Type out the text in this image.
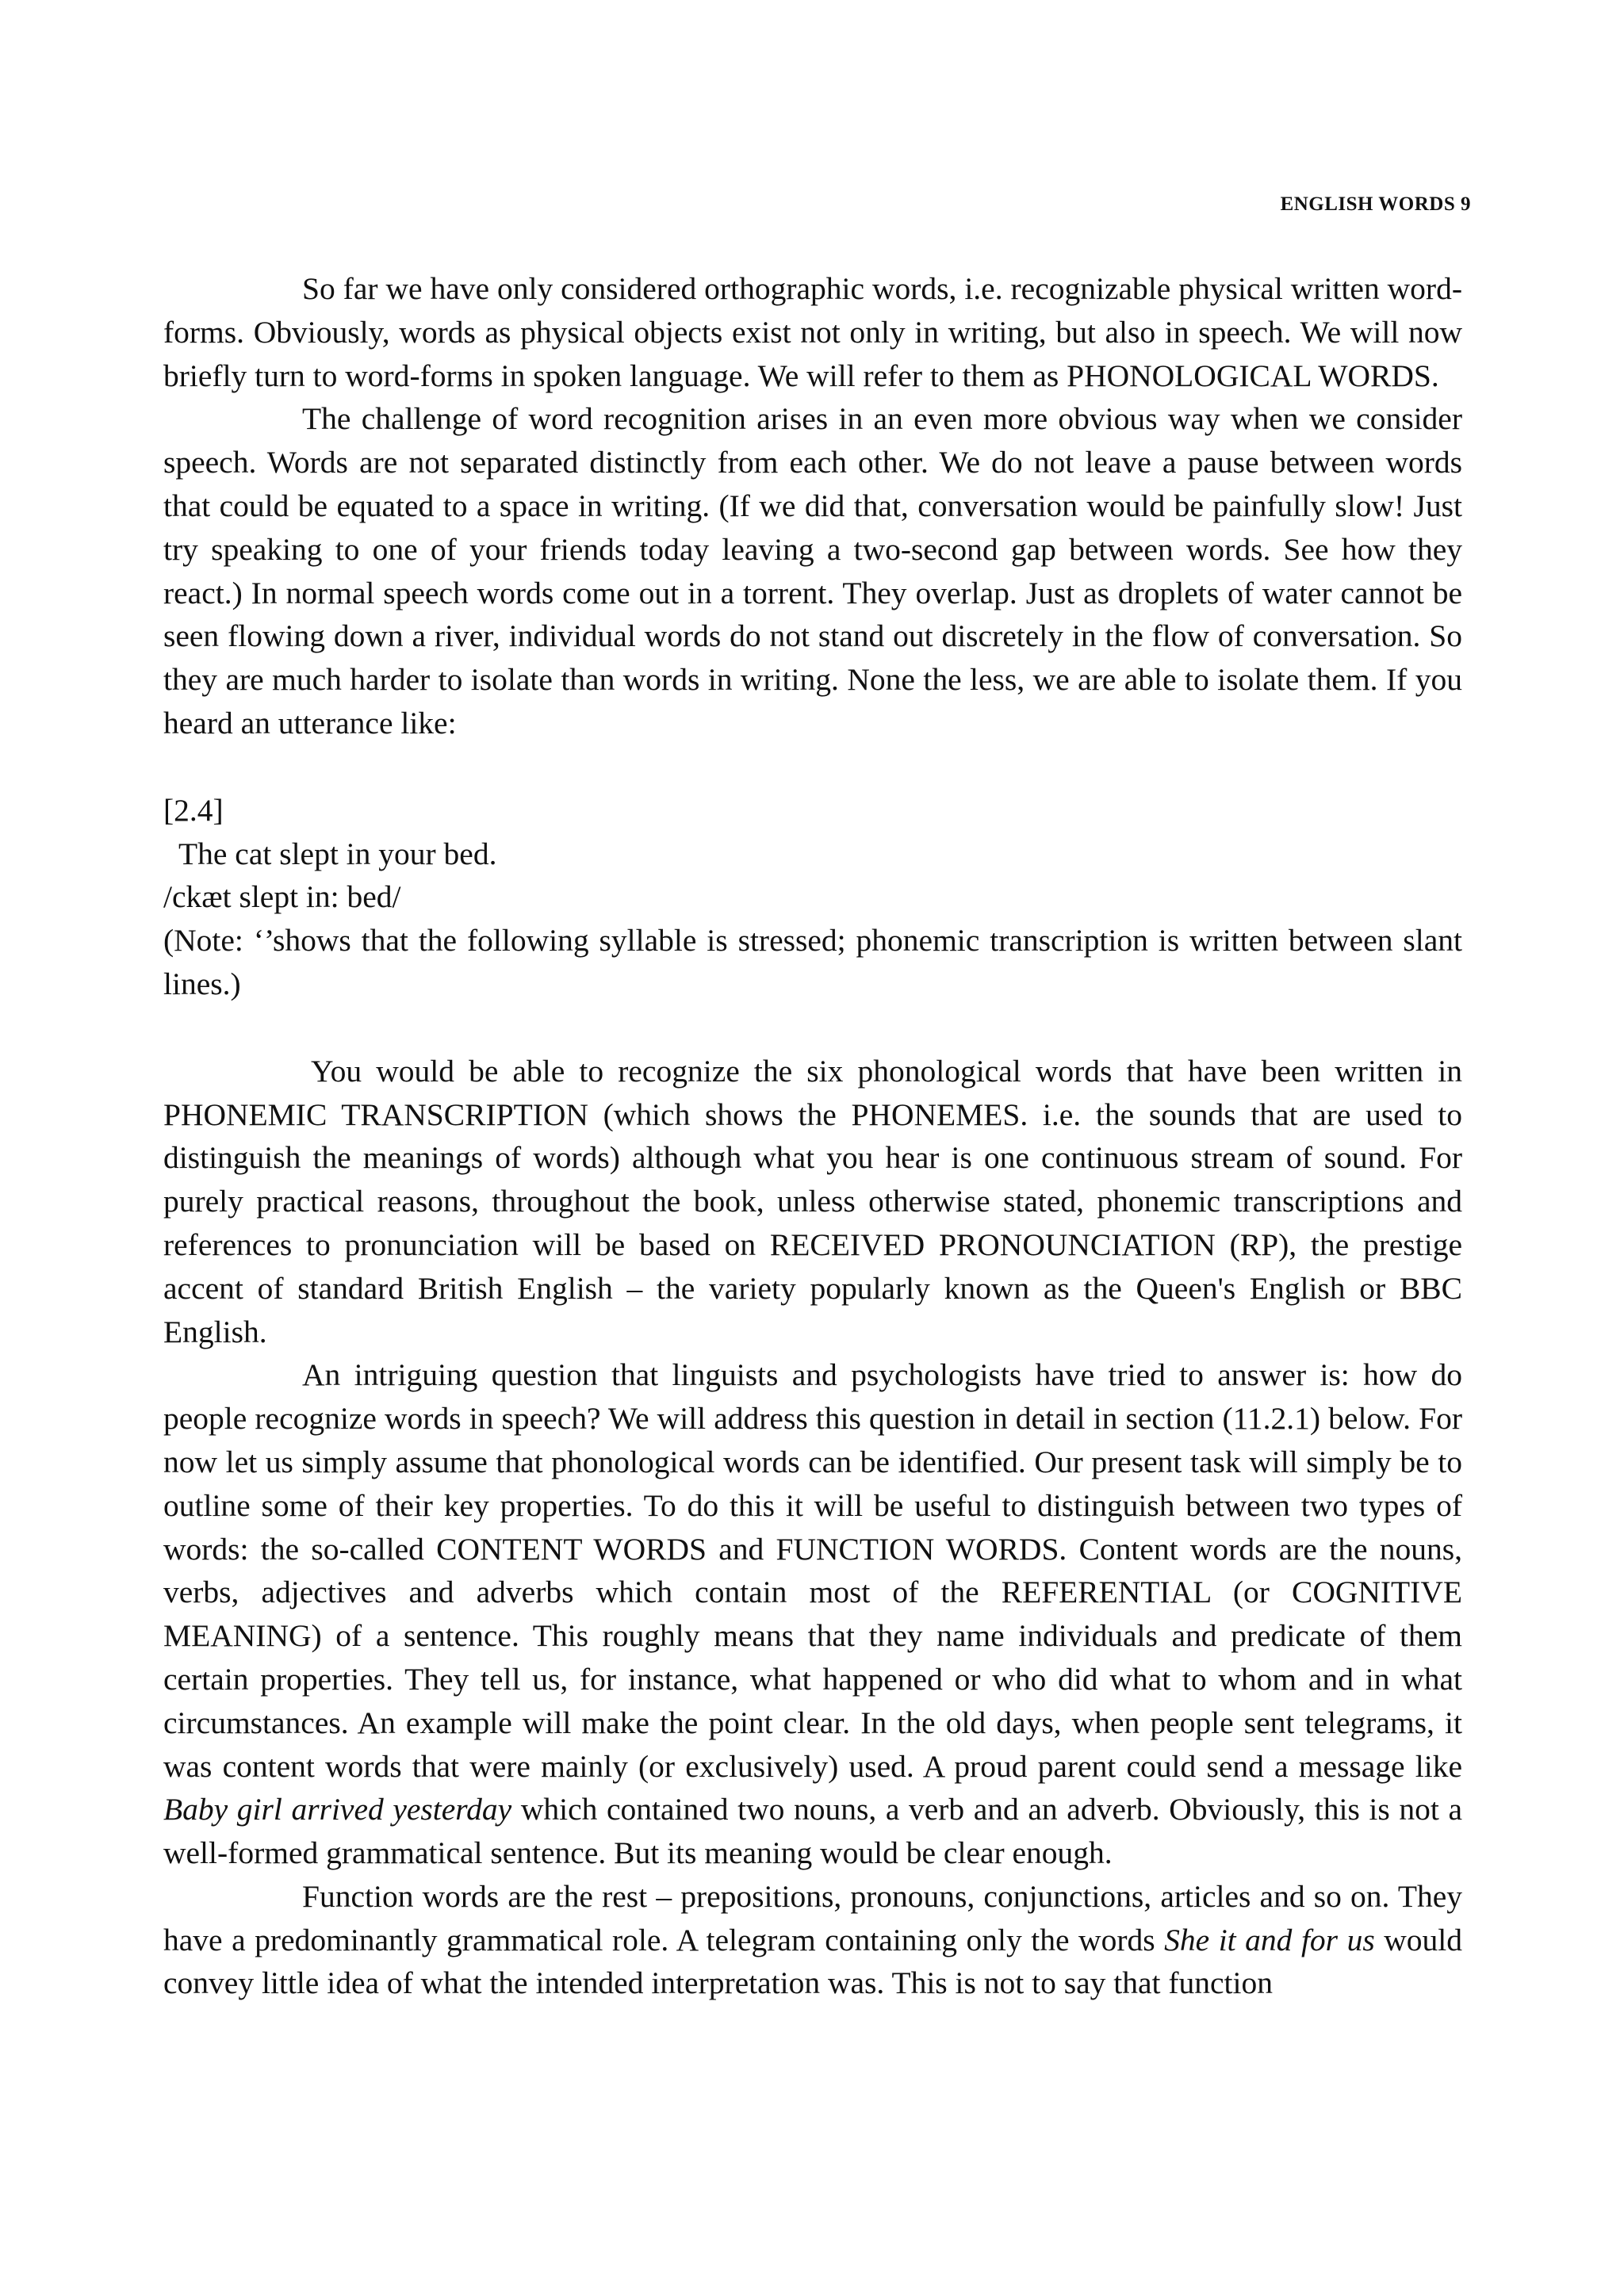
ENGLISH WORDS 9

So far we have only considered orthographic words, i.e. recognizable physical written word-forms. Obviously, words as physical objects exist not only in writing, but also in speech. We will now briefly turn to word-forms in spoken language. We will refer to them as PHONOLOGICAL WORDS.

The challenge of word recognition arises in an even more obvious way when we consider speech. Words are not separated distinctly from each other. We do not leave a pause between words that could be equated to a space in writing. (If we did that, conversation would be painfully slow! Just try speaking to one of your friends today leaving a two-second gap between words. See how they react.) In normal speech words come out in a torrent. They overlap. Just as droplets of water cannot be seen flowing down a river, individual words do not stand out discretely in the flow of conversation. So they are much harder to isolate than words in writing. None the less, we are able to isolate them. If you heard an utterance like:

[2.4]

The cat slept in your bed.

/ckæt slept in: bed/

(Note: ‘’shows that the following syllable is stressed; phonemic transcription is written between slant lines.)

You would be able to recognize the six phonological words that have been written in PHONEMIC TRANSCRIPTION (which shows the PHONEMES. i.e. the sounds that are used to distinguish the meanings of words) although what you hear is one continuous stream of sound. For purely practical reasons, throughout the book, unless otherwise stated, phonemic transcriptions and references to pronunciation will be based on RECEIVED PRONOUNCIATION (RP), the prestige accent of standard British English – the variety popularly known as the Queen's English or BBC English.

An intriguing question that linguists and psychologists have tried to answer is: how do people recognize words in speech? We will address this question in detail in section (11.2.1) below. For now let us simply assume that phonological words can be identified. Our present task will simply be to outline some of their key properties. To do this it will be useful to distinguish between two types of words: the so-called CONTENT WORDS and FUNCTION WORDS. Content words are the nouns, verbs, adjectives and adverbs which contain most of the REFERENTIAL (or COGNITIVE MEANING) of a sentence. This roughly means that they name individuals and predicate of them certain properties. They tell us, for instance, what happened or who did what to whom and in what circumstances. An example will make the point clear. In the old days, when people sent telegrams, it was content words that were mainly (or exclusively) used. A proud parent could send a message like Baby girl arrived yesterday which contained two nouns, a verb and an adverb. Obviously, this is not a well-formed grammatical sentence. But its meaning would be clear enough.

Function words are the rest – prepositions, pronouns, conjunctions, articles and so on. They have a predominantly grammatical role. A telegram containing only the words She it and for us would convey little idea of what the intended interpretation was. This is not to say that function
